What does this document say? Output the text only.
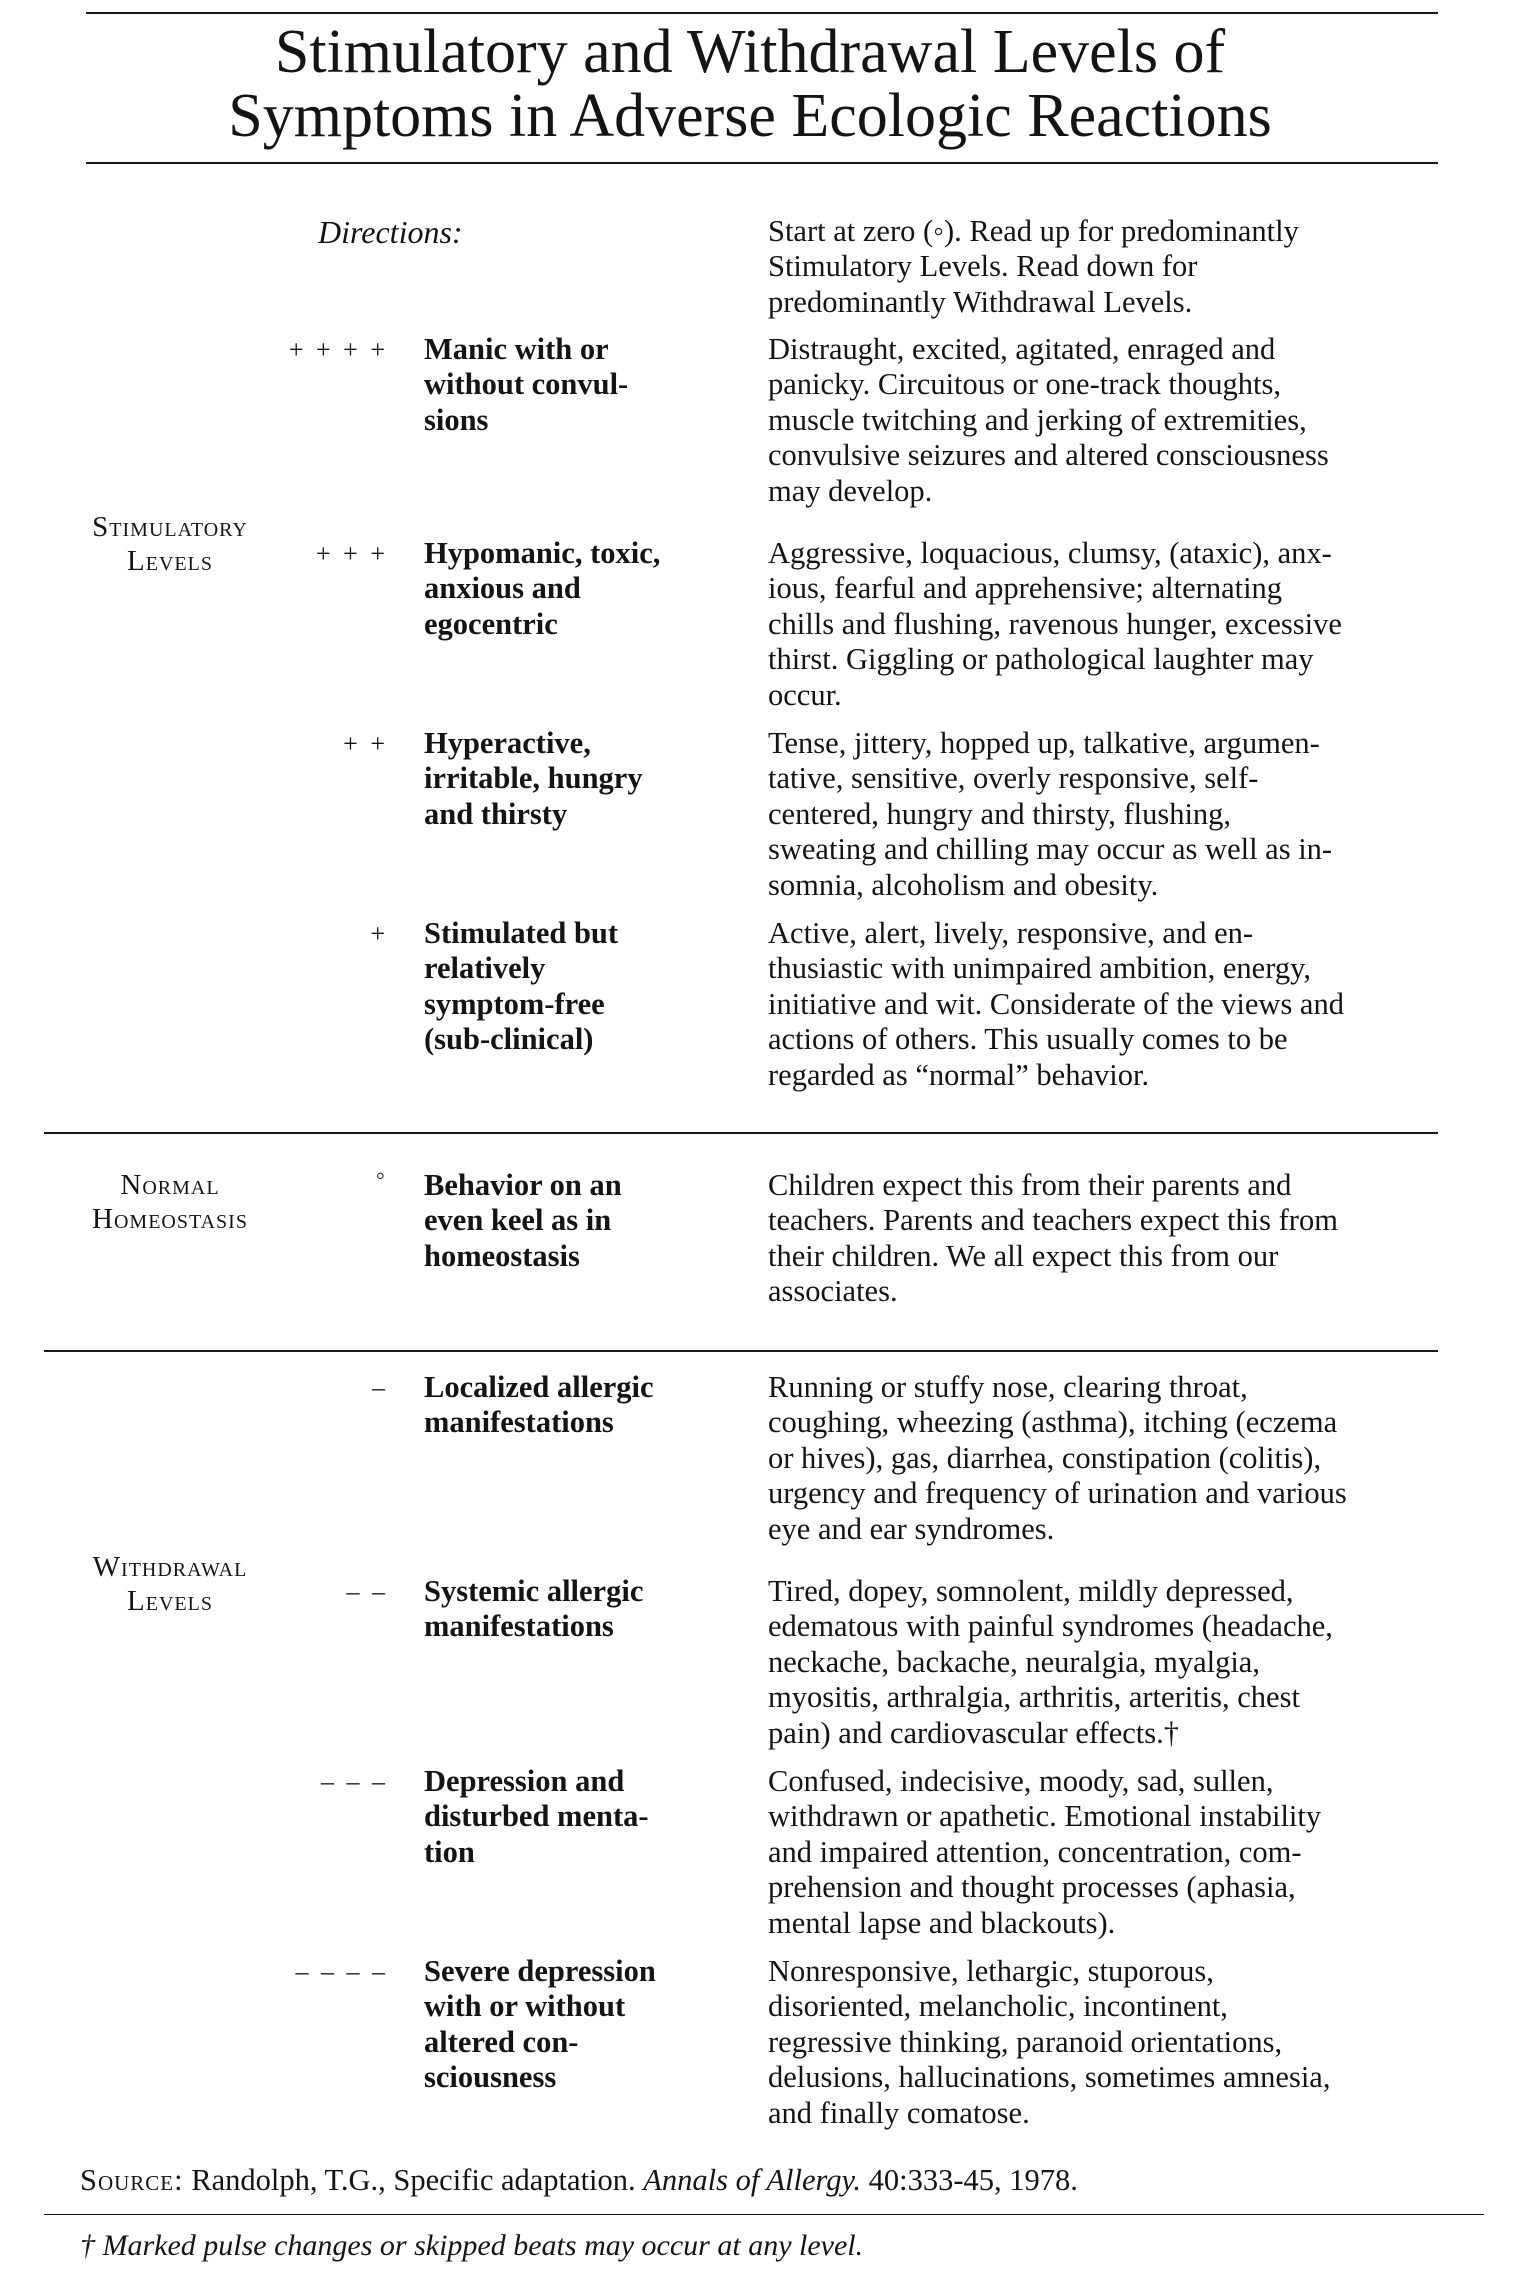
Stimulatory and Withdrawal Levels of
Symptoms in Adverse Ecologic Reactions
Directions:	Start at zero (◦). Read up for predominantly
Stimulatory Levels. Read down for
predominantly Withdrawal Levels.
Stimulatory
Levels
Normal
Homeostasis
Withdrawal
Levels
+ + + + Manic with or
without convul-
sions
Distraught, excited, agitated, enraged and
panicky. Circuitous or one-track thoughts,
muscle twitching and jerking of extremities,
convulsive seizures and altered consciousness
may develop.
+ + + Hypomanic, toxic,
anxious and
egocentric
Aggressive, loquacious, clumsy, (ataxic), anx-
ious, fearful and apprehensive; alternating
chills and flushing, ravenous hunger, excessive
thirst. Giggling or pathological laughter may
occur.
+ + Hyperactive,
irritable, hungry
and thirsty
Tense, jittery, hopped up, talkative, argumen-
tative, sensitive, overly responsive, self-
centered, hungry and thirsty, flushing,
sweating and chilling may occur as well as in-
somnia, alcoholism and obesity.
+ Stimulated but
relatively
symptom-free
(sub-clinical)
Active, alert, lively, responsive, and en-
thusiastic with unimpaired ambition, energy,
initiative and wit. Considerate of the views and
actions of others. This usually comes to be
regarded as “normal” behavior.
◦ Behavior on an
even keel as in
homeostasis
Children expect this from their parents and
teachers. Parents and teachers expect this from
their children. We all expect this from our
associates.
– Localized allergic
manifestations
Running or stuffy nose, clearing throat,
coughing, wheezing (asthma), itching (eczema
or hives), gas, diarrhea, constipation (colitis),
urgency and frequency of urination and various
eye and ear syndromes.
– – Systemic allergic
manifestations
Tired, dopey, somnolent, mildly depressed,
edematous with painful syndromes (headache,
neckache, backache, neuralgia, myalgia,
myositis, arthralgia, arthritis, arteritis, chest
pain) and cardiovascular effects.†
– – – Depression and
disturbed menta-
tion
Confused, indecisive, moody, sad, sullen,
withdrawn or apathetic. Emotional instability
and impaired attention, concentration, com-
prehension and thought processes (aphasia,
mental lapse and blackouts).
– – – – Severe depression
with or without
altered con-
sciousness
Nonresponsive, lethargic, stuporous,
disoriented, melancholic, incontinent,
regressive thinking, paranoid orientations,
delusions, hallucinations, sometimes amnesia,
and finally comatose.
Source: Randolph, T.G., Specific adaptation. Annals of Allergy. 40:333-45, 1978.
† Marked pulse changes or skipped beats may occur at any level.
